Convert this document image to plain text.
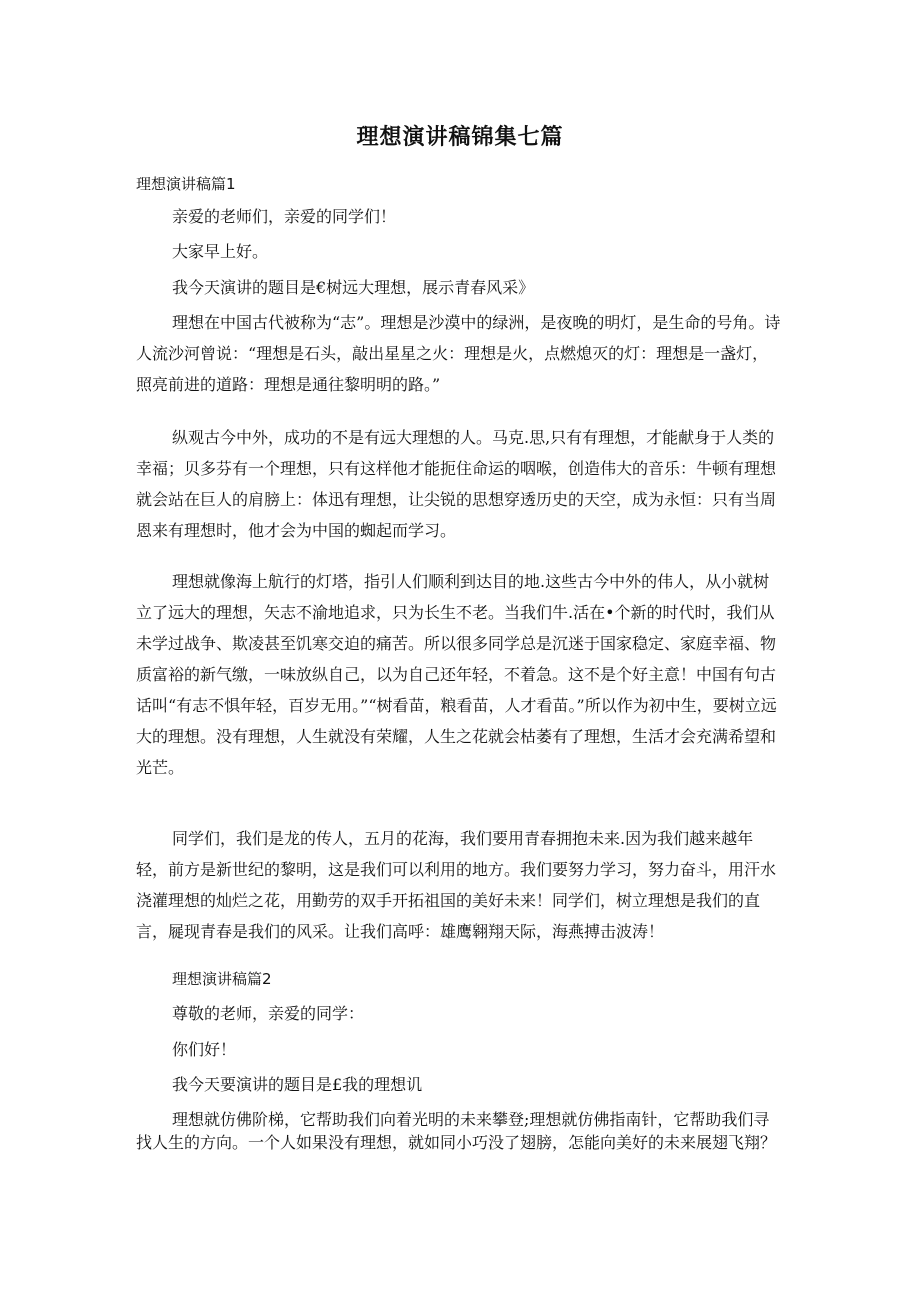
理想演讲稿锦集七篇
理想演讲稿篇1
亲爱的老师们，亲爱的同学们！
大家早上好。
我今天演讲的题目是€树远大理想，展示青春风采》

理想在中国古代被称为“志”。理想是沙漠中的绿洲，是夜晚的明灯，是生命的号角。诗人流沙河曾说：“理想是石头，敲出星星之火：理想是火，点燃熄灭的灯：理想是一盏灯，照亮前进的道路：理想是通往黎明明的路。”

纵观古今中外，成功的不是有远大理想的人。马克.思,只有有理想，才能献身于人类的幸福；贝多芬有一个理想，只有这样他才能扼住命运的咽喉，创造伟大的音乐：牛顿有理想就会站在巨人的肩膀上：体迅有理想，让尖锐的思想穿透历史的天空，成为永恒：只有当周恩来有理想时，他才会为中国的蜘起而学习。

理想就像海上航行的灯塔，指引人们顺利到达目的地.这些古今中外的伟人，从小就树立了远大的理想，矢志不渝地追求，只为长生不老。当我们牛.活在•个新的时代时，我们从未学过战争、欺凌甚至饥寒交迫的痛苦。所以很多同学总是沉迷于国家稳定、家庭幸福、物质富裕的新气缴，一味放纵自己，以为自己还年轻，不着急。这不是个好主意！中国有句古话叫“有志不惧年轻，百岁无用。”“树看苗，粮看苗，人才看苗。”所以作为初中生，要树立远大的理想。没有理想，人生就没有荣耀，人生之花就会枯萎有了理想，生活才会充满希望和光芒。

同学们，我们是龙的传人，五月的花海，我们要用青春拥抱未来.因为我们越来越年轻，前方是新世纪的黎明，这是我们可以利用的地方。我们要努力学习，努力奋斗，用汗水浇灌理想的灿烂之花，用勤劳的双手开拓祖国的美好未来！同学们，树立理想是我们的直言，屣现青春是我们的风采。让我们高呼：雄鹰翱翔天际，海燕搏击波涛！

理想演讲稿篇2
尊敬的老师，亲爱的同学：
你们好！
我今天要演讲的题目是£我的理想讥

理想就仿佛阶梯，它帮助我们向着光明的未来攀登;理想就仿佛指南针，它帮助我们寻找人生的方向。一个人如果没有理想，就如同小巧没了翅膀，怎能向美好的未来展翅飞翔？
